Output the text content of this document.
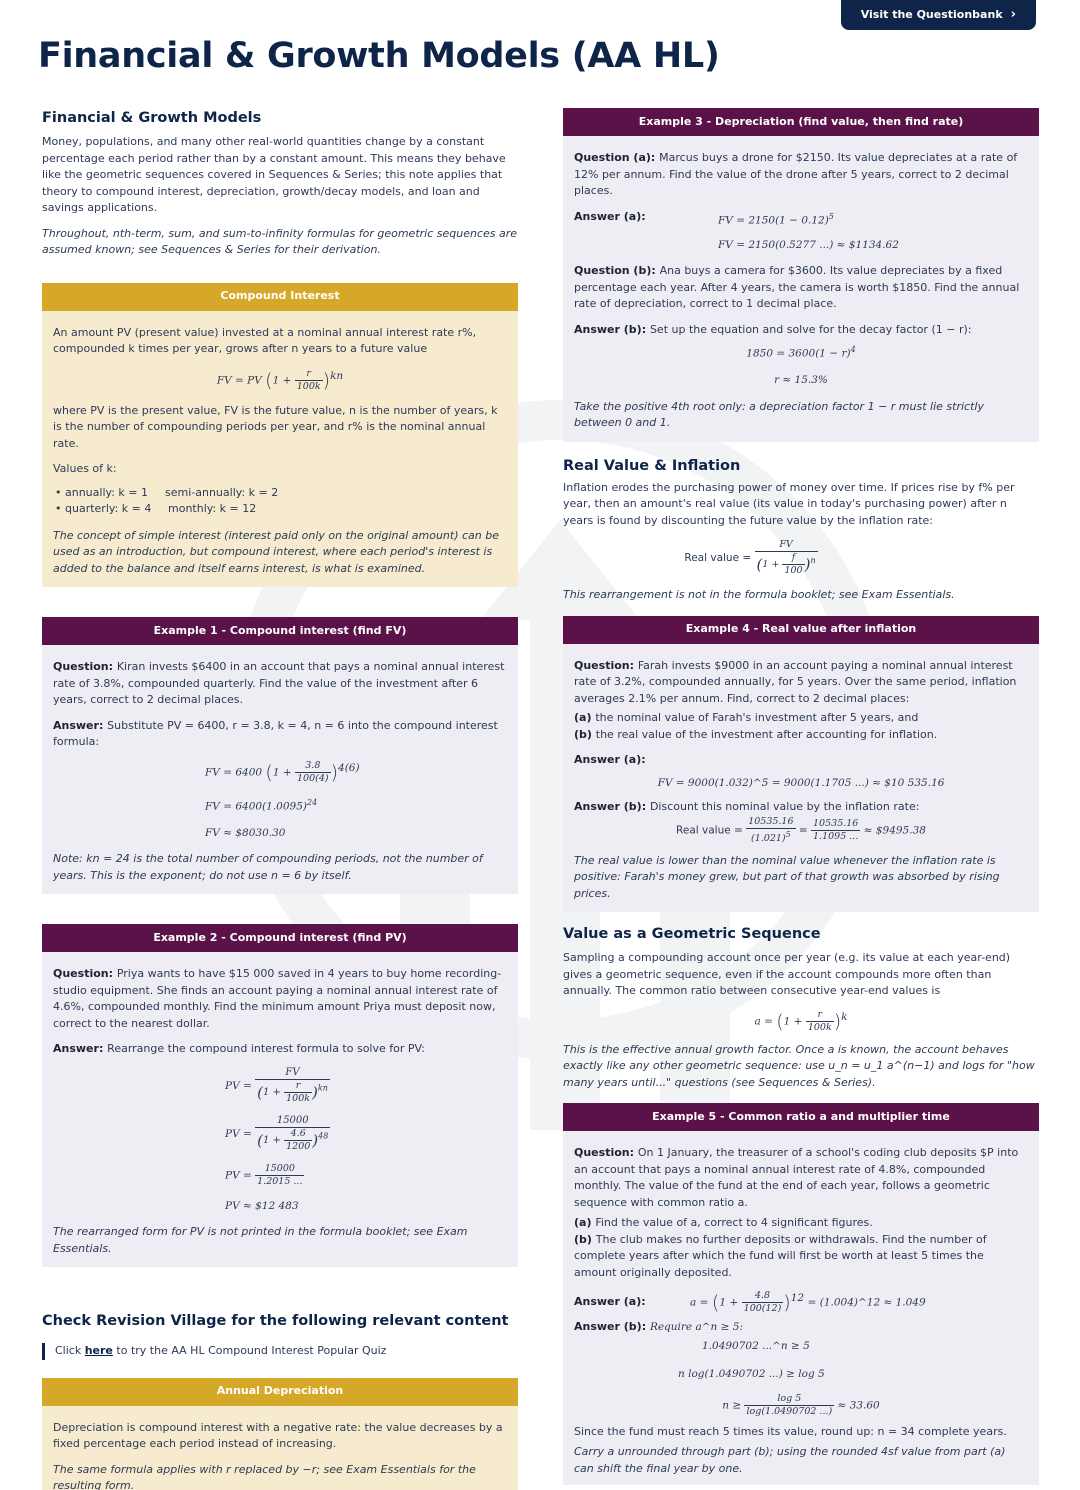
Visit the Questionbank ›
Financial & Growth Models (AA HL)
Financial & Growth Models

Money, populations, and many other real-world quantities change by a constant percentage each period rather than by a constant amount. This means they behave like the geometric sequences covered in Sequences & Series; this note applies that theory to compound interest, depreciation, growth/decay models, and loan and savings applications.

Throughout, nth-term, sum, and sum-to-infinity formulas for geometric sequences are assumed known; see Sequences & Series for their derivation.

Compound Interest

An amount PV (present value) invested at a nominal annual interest rate r%, compounded k times per year, grows after n years to a future value

FV = PV $(1 + \frac{r}{100k} )^{kn}$

where PV is the present value, FV is the future value, n is the number of years, k is the number of compounding periods per year, and r% is the nominal annual rate.

Values of k:

• annually: k = 1	semi-annually: k = 2
• quarterly: k = 4	monthly: k = 12

The concept of simple interest (interest paid only on the original amount) can be used as an introduction, but compound interest, where each period's interest is added to the balance and itself earns interest, is what is examined.

Example 1 - Compound interest (find FV)

Question: Kiran invests $6400 in an account that pays a nominal annual interest rate of 3.8%, compounded quarterly. Find the value of the investment after 6 years, correct to 2 decimal places.

Answer: Substitute PV = 6400, r = 3.8, k = 4, n = 6 into the compound interest formula:

FV = 6400 $(1 + \frac{3.8}{100(4)} )^{4(6)}$
FV = $6400(1.0095)^{24}$
FV ≈ $8030.30

Note: kn = 24 is the total number of compounding periods, not the number of years. This is the exponent; do not use n = 6 by itself.

Example 2 - Compound interest (find PV)

Question: Priya wants to have $15 000 saved in 4 years to buy home recording-studio equipment. She finds an account paying a nominal annual interest rate of 4.6%, compounded monthly. Find the minimum amount Priya must deposit now, correct to the nearest dollar.

Answer: Rearrange the compound interest formula to solve for PV:

PV = $\frac{FV}{(1 + \frac{r}{100k} )^{kn}}$
PV = $\frac{15000}{(1 + \frac{4.6}{1200} )^{48}}$
PV = $\frac{15000}{1.2015 ...}$
PV ≈ $12 483

The rearranged form for PV is not printed in the formula booklet; see Exam Essentials.

Check Revision Village for the following relevant content
Click here to try the AA HL Compound Interest Popular Quiz
Annual Depreciation

Depreciation is compound interest with a negative rate: the value decreases by a fixed percentage each period instead of increasing.

The same formula applies with r replaced by −r; see Exam Essentials for the resulting form.

Example 3 - Depreciation (find value, then find rate)

Question (a): Marcus buys a drone for $2150. Its value depreciates at a rate of 12% per annum. Find the value of the drone after 5 years, correct to 2 decimal places.

Answer (a):	FV = $2150(1 - 0.12)^5$
FV = 2150(0.5277 ...) ≈ $1134.62

Question (b): Ana buys a camera for $3600. Its value depreciates by a fixed percentage each year. After 4 years, the camera is worth $1850. Find the annual rate of depreciation, correct to 1 decimal place.

Answer (b): Set up the equation and solve for the decay factor (1 − r):

$1850 = 3600(1 - r)^4$
r ≈ 15.3%

Take the positive 4th root only: a depreciation factor 1 − r must lie strictly between 0 and 1.

Real Value & Inflation

Inflation erodes the purchasing power of money over time. If prices rise by f% per year, then an amount's real value (its value in today's purchasing power) after n years is found by discounting the future value by the inflation rate:

Real value = $\frac{FV}{(1 + \frac{f}{100} )^n}$

This rearrangement is not in the formula booklet; see Exam Essentials.

Example 4 - Real value after inflation

Question: Farah invests $9000 in an account paying a nominal annual interest rate of 3.2%, compounded annually, for 5 years. Over the same period, inflation averages 2.1% per annum. Find, correct to 2 decimal places:

(a) the nominal value of Farah's investment after 5 years, and

(b) the real value of the investment after accounting for inflation.

Answer (a):
FV = 9000(1.032)^5 = 9000(1.1705 ...) ≈ $10 535.16

Answer (b): Discount this nominal value by the inflation rate:

Real value = $\frac{10535.16}{(1.021)^5} = \frac{10535.16}{1.1095 ...}$ ≈ $9495.38

The real value is lower than the nominal value whenever the inflation rate is positive: Farah's money grew, but part of that growth was absorbed by rising prices.

Value as a Geometric Sequence

Sampling a compounding account once per year (e.g. its value at each year-end) gives a geometric sequence, even if the account compounds more often than annually. The common ratio between consecutive year-end values is

$a = (1 + \frac{r}{100k} )^k$

This is the effective annual growth factor. Once a is known, the account behaves exactly like any other geometric sequence: use u_n = u_1 a^(n−1) and logs for "how many years until..." questions (see Sequences & Series).

Example 5 - Common ratio a and multiplier time

Question: On 1 January, the treasurer of a school's coding club deposits $P into an account that pays a nominal annual interest rate of 4.8%, compounded monthly. The value of the fund at the end of each year, follows a geometric sequence with common ratio a.

(a) Find the value of a, correct to 4 significant figures.

(b) The club makes no further deposits or withdrawals. Find the number of complete years after which the fund will first be worth at least 5 times the amount originally deposited.

Answer (a):	$a = (1 + \frac{4.8}{100(12)} )^{12}$ = (1.004)^12 ≈ 1.049

Answer (b): Require a^n ≥ 5:

1.0490702 ...^n ≥ 5
n log(1.0490702 ...) ≥ log 5
$n \ge \frac{\log 5}{\log(1.0490702 ...)} \approx 33.60$

Since the fund must reach 5 times its value, round up: n = 34 complete years.

Carry a unrounded through part (b); using the rounded 4sf value from part (a) can shift the final year by one.
